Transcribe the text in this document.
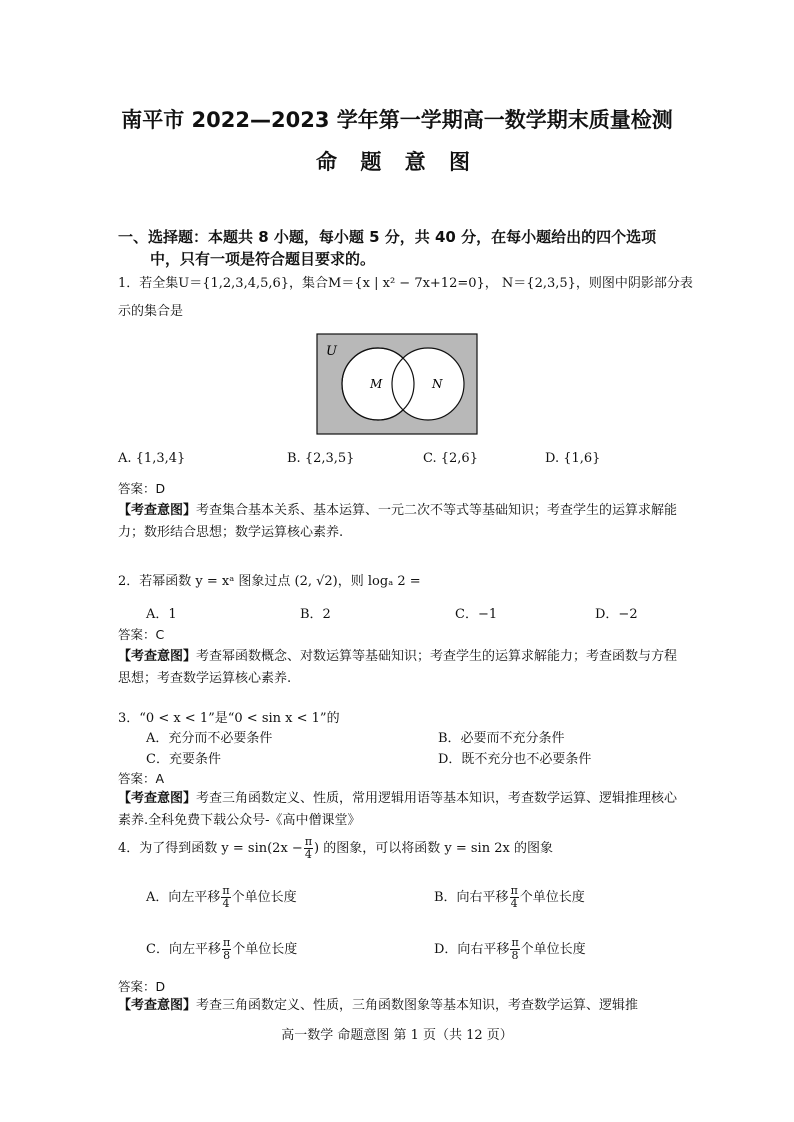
南平市 2022—2023 学年第一学期高一数学期末质量检测
命 题 意 图
一、选择题：本题共 8 小题，每小题 5 分，共 40 分，在每小题给出的四个选项
中，只有一项是符合题目要求的。
1．若全集U＝{1,2,3,4,5,6}，集合M＝{x | x² − 7x+12=0}， N＝{2,3,5}，则图中阴影部分表
示的集合是
U
M	N
A. {1,3,4}	B. {2,3,5}	C. {2,6}	D. {1,6}
答案：D
【考查意图】考查集合基本关系、基本运算、一元二次不等式等基础知识；考查学生的运算求解能力；数形结合思想；数学运算核心素养.
2．若幂函数 y = xᵃ 图象过点 (2, √2)，则 logₐ 2 =
A．1	B．2	C．−1	D．−2
答案：C
【考查意图】考查幂函数概念、对数运算等基础知识；考查学生的运算求解能力；考查函数与方程思想；考查数学运算核心素养.
3．“0 < x < 1”是“0 < sin x < 1”的
A．充分而不必要条件	B．必要而不充分条件
C．充要条件	D．既不充分也不必要条件
答案：A
【考查意图】考查三角函数定义、性质，常用逻辑用语等基本知识，考查数学运算、逻辑推理核心素养.全科免费下载公众号-《高中僧课堂》
4．为了得到函数 $y = \sin(2x - \frac{\pi}{4}$ ) 的图象，可以将函数 y = sin 2x 的图象
A．向左平移 $\frac{\pi}{4}$ 个单位长度	B．向右平移 $\frac{\pi}{4}$ 个单位长度
C．向左平移 $\frac{\pi}{8}$ 个单位长度	D．向右平移 $\frac{\pi}{8}$ 个单位长度
答案：D
【考查意图】考查三角函数定义、性质，三角函数图象等基本知识，考查数学运算、逻辑推
高一数学 命题意图 第 1 页（共 12 页）
